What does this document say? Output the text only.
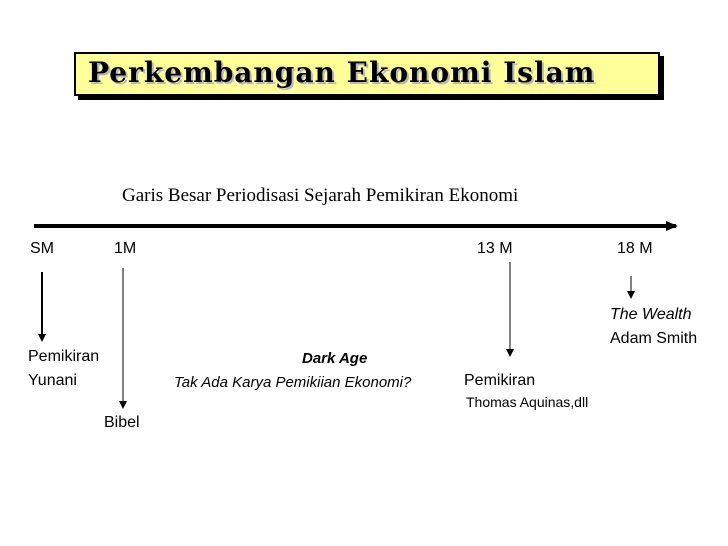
Perkembangan Ekonomi Islam
Garis Besar Periodisasi Sejarah Pemikiran Ekonomi
SM	1M	13 M	18 M
Pemikiran
Yunani
Bibel
Dark Age
Tak Ada Karya Pemikiian Ekonomi?	Pemikiran
Thomas Aquinas,dll
The Wealth
Adam Smith
